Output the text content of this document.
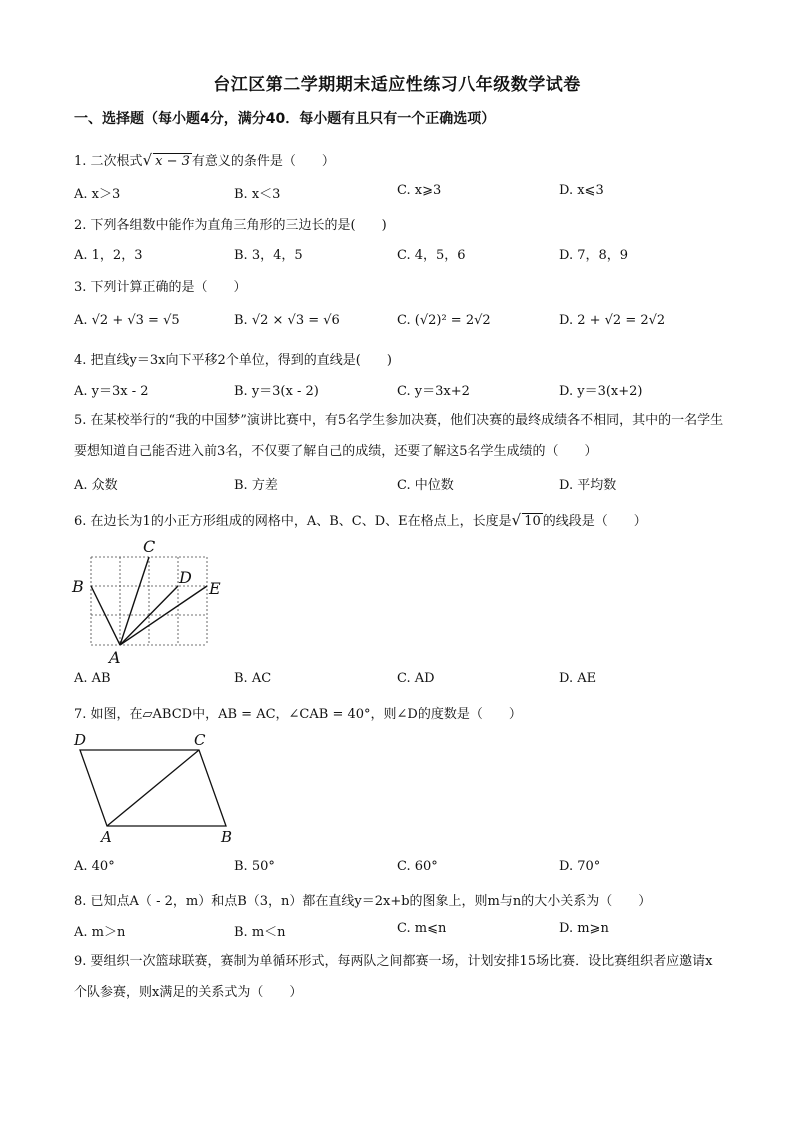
台江区第二学期期末适应性练习八年级数学试卷
一、选择题（每小题4分，满分40．每小题有且只有一个正确选项）
1. 二次根式√ x − 3 有意义的条件是（　　）
A. x＞3	B. x＜3	C. x⩾3	D. x⩽3
2. 下列各组数中能作为直角三角形的三边长的是(　　)
A. 1，2，3	B. 3，4，5	C. 4，5，6	D. 7，8，9
3. 下列计算正确的是（　　）
A. √2 + √3 = √5	B. √2 × √3 = √6	C. (√2)² = 2√2	D. 2 + √2 = 2√2
4. 把直线y＝3x向下平移2个单位，得到的直线是(　　)
A. y＝3x - 2	B. y＝3(x - 2)	C. y＝3x+2	D. y＝3(x+2)
5. 在某校举行的“我的中国梦”演讲比赛中，有5名学生参加决赛，他们决赛的最终成绩各不相同，其中的一名学生要想知道自己能否进入前3名，不仅要了解自己的成绩，还要了解这5名学生成绩的（　　）
A. 众数	B. 方差	C. 中位数	D. 平均数
6. 在边长为1的小正方形组成的网格中，A、B、C、D、E在格点上，长度是√ 10 的线段是（　　）
A
B
C
D
E
A. AB	B. AC	C. AD	D. AE
7. 如图，在▱ABCD中，AB = AC，∠CAB = 40°，则∠D的度数是（　　）
A	B
C
D
A. 40°	B. 50°	C. 60°	D. 70°
8. 已知点A（ - 2，m）和点B（3，n）都在直线y＝2x+b的图象上，则m与n的大小关系为（　　）
A. m＞n	B. m＜n	C. m⩽n	D. m⩾n
9. 要组织一次篮球联赛，赛制为单循环形式，每两队之间都赛一场，计划安排15场比赛．设比赛组织者应邀请x个队参赛，则x满足的关系式为（　　）
